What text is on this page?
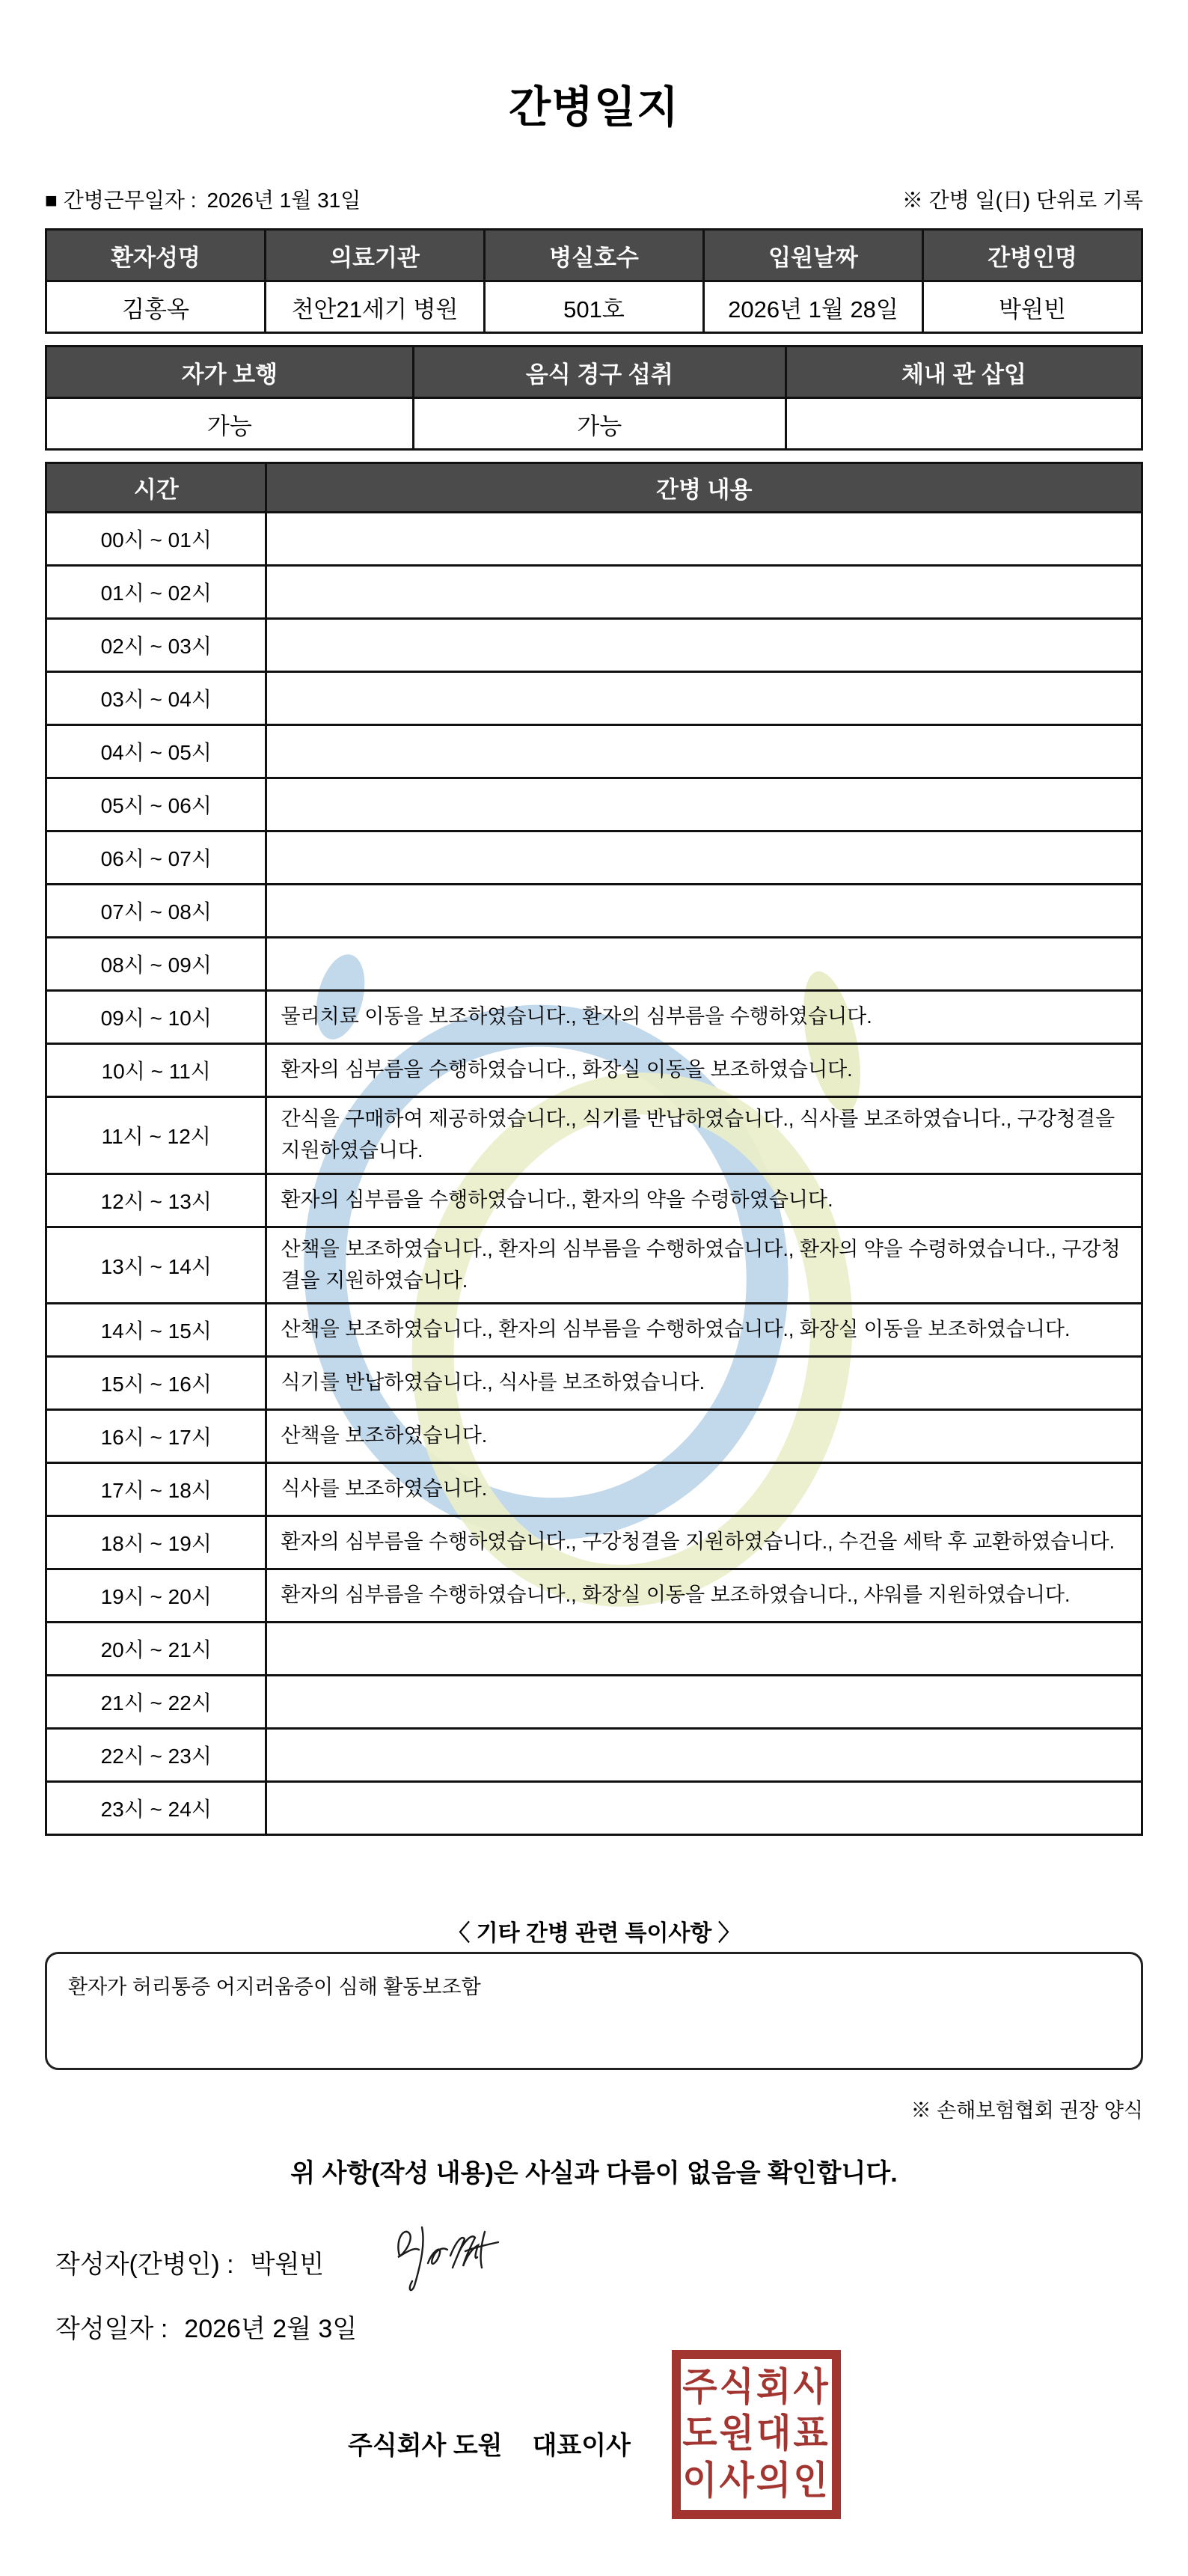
간병일지
■ 간병근무일자 : 2026년 1월 31일	※ 간병 일(日) 단위로 기록
환자성명	의료기관	병실호수	입원날짜	간병인명
김홍옥	천안21세기 병원	501호	2026년 1월 28일	박원빈
자가 보행	음식 경구 섭취	체내 관 삽입
가능	가능	
시간	간병 내용
00시 ~ 01시	
01시 ~ 02시	
02시 ~ 03시	
03시 ~ 04시	
04시 ~ 05시	
05시 ~ 06시	
06시 ~ 07시	
07시 ~ 08시	
08시 ~ 09시	
09시 ~ 10시	물리치료 이동을 보조하였습니다., 환자의 심부름을 수행하였습니다.
10시 ~ 11시	환자의 심부름을 수행하였습니다., 화장실 이동을 보조하였습니다.
11시 ~ 12시	간식을 구매하여 제공하였습니다., 식기를 반납하였습니다., 식사를 보조하였습니다., 구강청결을 지원하였습니다.
12시 ~ 13시	환자의 심부름을 수행하였습니다., 환자의 약을 수령하였습니다.
13시 ~ 14시	산책을 보조하였습니다., 환자의 심부름을 수행하였습니다., 환자의 약을 수령하였습니다., 구강청결을 지원하였습니다.
14시 ~ 15시	산책을 보조하였습니다., 환자의 심부름을 수행하였습니다., 화장실 이동을 보조하였습니다.
15시 ~ 16시	식기를 반납하였습니다., 식사를 보조하였습니다.
16시 ~ 17시	산책을 보조하였습니다.
17시 ~ 18시	식사를 보조하였습니다.
18시 ~ 19시	환자의 심부름을 수행하였습니다., 구강청결을 지원하였습니다., 수건을 세탁 후 교환하였습니다.
19시 ~ 20시	환자의 심부름을 수행하였습니다., 화장실 이동을 보조하였습니다., 샤워를 지원하였습니다.
20시 ~ 21시	
21시 ~ 22시	
22시 ~ 23시	
23시 ~ 24시	
〈 기타 간병 관련 특이사항 〉
환자가 허리통증 어지러움증이 심해 활동보조함
※ 손해보험협회 권장 양식
위 사항(작성 내용)은 사실과 다름이 없음을 확인합니다.
작성자(간병인) : 박원빈
작성일자 : 2026년 2월 3일
주식회사 도원 대표이사
주식회사
도원대표
이사의인
